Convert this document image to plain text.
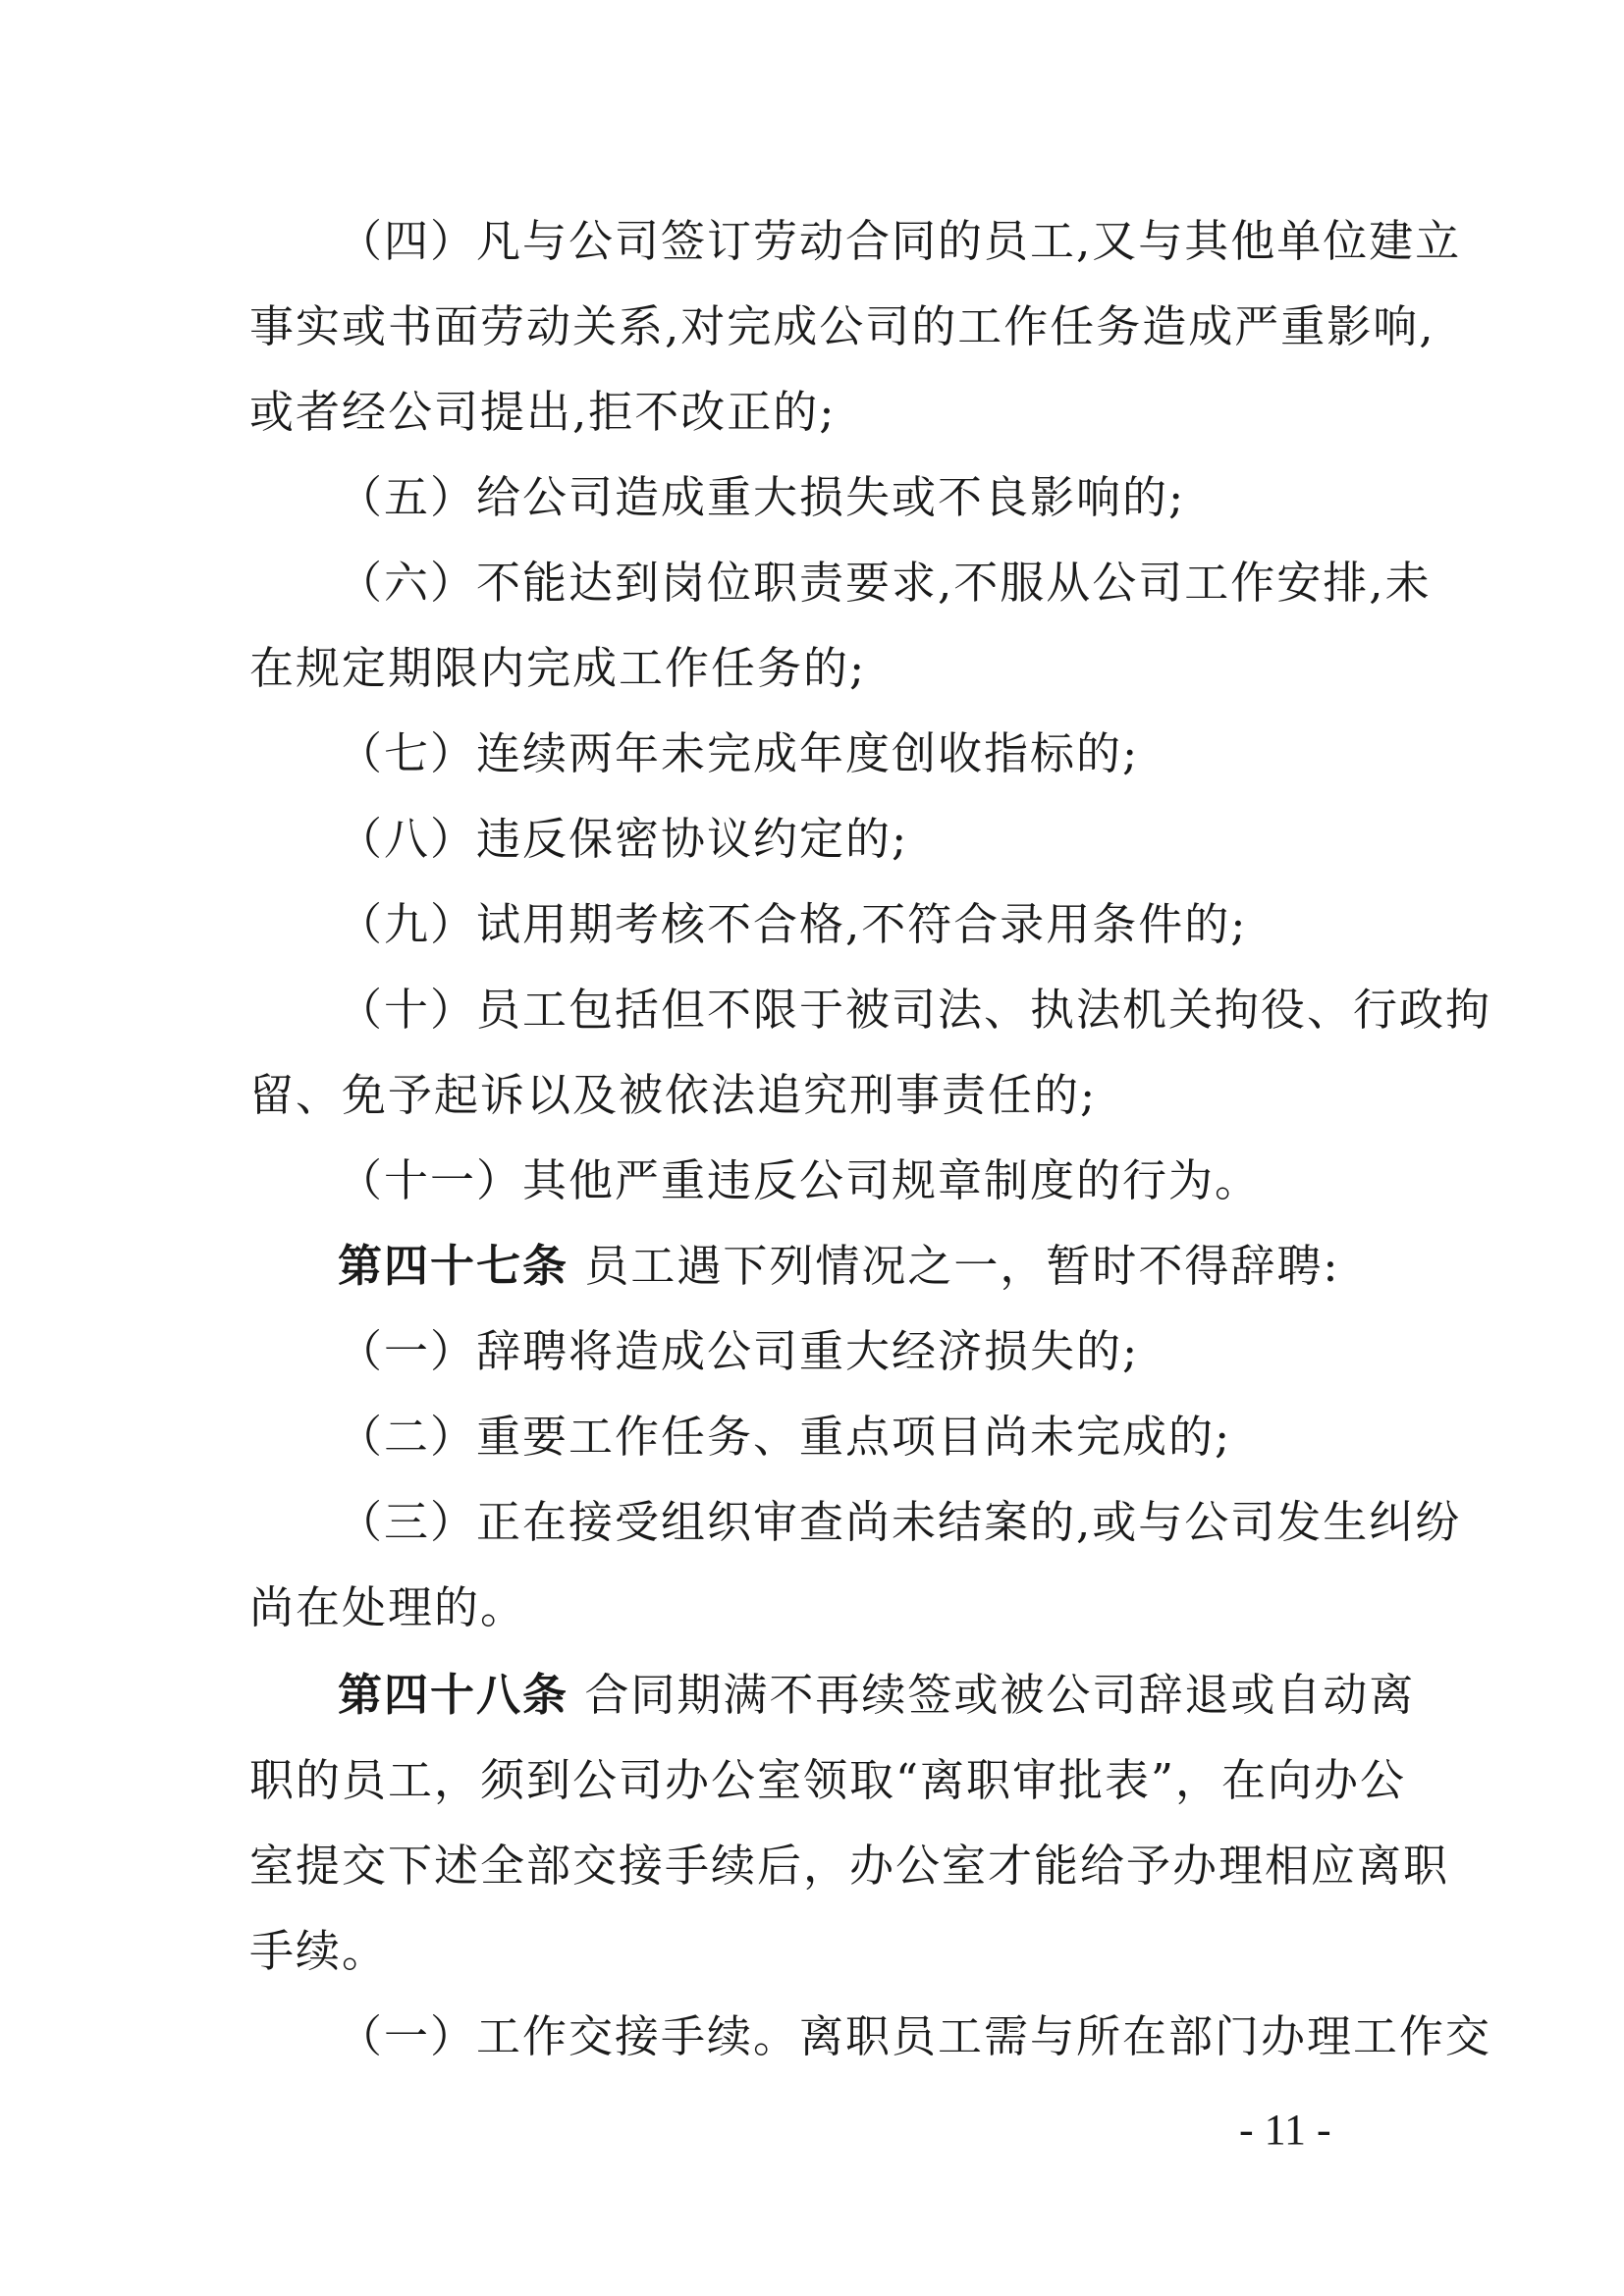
（四）凡与公司签订劳动合同的员工,又与其他单位建立
事实或书面劳动关系,对完成公司的工作任务造成严重影响,
或者经公司提出,拒不改正的;
（五）给公司造成重大损失或不良影响的;
（六）不能达到岗位职责要求,不服从公司工作安排,未
在规定期限内完成工作任务的;
（七）连续两年未完成年度创收指标的;
（八）违反保密协议约定的;
（九）试用期考核不合格,不符合录用条件的;
（十）员工包括但不限于被司法、执法机关拘役、行政拘
留、免予起诉以及被依法追究刑事责任的;
（十一）其他严重违反公司规章制度的行为。
第四十七条 员工遇下列情况之一，暂时不得辞聘:
（一）辞聘将造成公司重大经济损失的;
（二）重要工作任务、重点项目尚未完成的;
（三）正在接受组织审查尚未结案的,或与公司发生纠纷
尚在处理的。
第四十八条 合同期满不再续签或被公司辞退或自动离
职的员工，须到公司办公室领取“离职审批表”，在向办公
室提交下述全部交接手续后，办公室才能给予办理相应离职
手续。
（一）工作交接手续。离职员工需与所在部门办理工作交
- 11 -
